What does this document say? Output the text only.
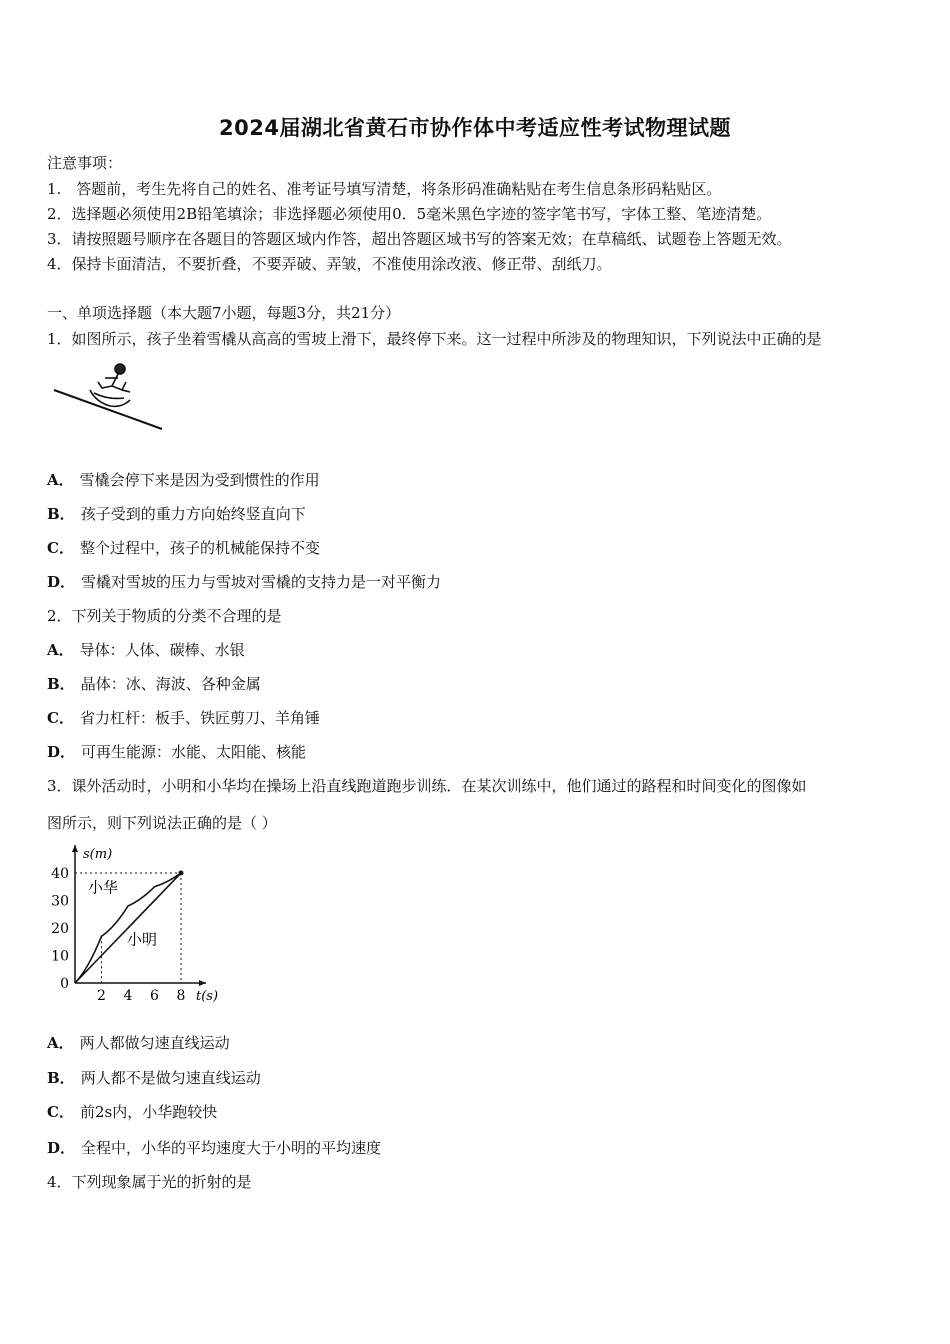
2024届湖北省黄石市协作体中考适应性考试物理试题
注意事项：
1.　答题前，考生先将自己的姓名、准考证号填写清楚，将条形码准确粘贴在考生信息条形码粘贴区。
2．选择题必须使用2B铅笔填涂；非选择题必须使用0．5毫米黑色字迹的签字笔书写，字体工整、笔迹清楚。
3．请按照题号顺序在各题目的答题区域内作答，超出答题区域书写的答案无效；在草稿纸、试题卷上答题无效。
4．保持卡面清洁，不要折叠，不要弄破、弄皱，不准使用涂改液、修正带、刮纸刀。
一、单项选择题（本大题7小题，每题3分，共21分）
1．如图所示，孩子坐着雪橇从高高的雪坡上滑下，最终停下来。这一过程中所涉及的物理知识，下列说法中正确的是
A． 雪橇会停下来是因为受到惯性的作用
B． 孩子受到的重力方向始终竖直向下
C． 整个过程中，孩子的机械能保持不变
D． 雪橇对雪坡的压力与雪坡对雪橇的支持力是一对平衡力
2．下列关于物质的分类不合理的是
A． 导体：人体、碳棒、水银
B． 晶体：冰、海波、各种金属
C． 省力杠杆：板手、铁匠剪刀、羊角锤
D． 可再生能源：水能、太阳能、核能
3．课外活动时，小明和小华均在操场上沿直线跑道跑步训练．在某次训练中，他们通过的路程和时间变化的图像如
图所示，则下列说法正确的是（ ）
s(m)
t(s)
40
30
20
10
0
2 4 6 8
小华
小明
A． 两人都做匀速直线运动
B． 两人都不是做匀速直线运动
C． 前2s内，小华跑较快
D． 全程中，小华的平均速度大于小明的平均速度
4．下列现象属于光的折射的是
